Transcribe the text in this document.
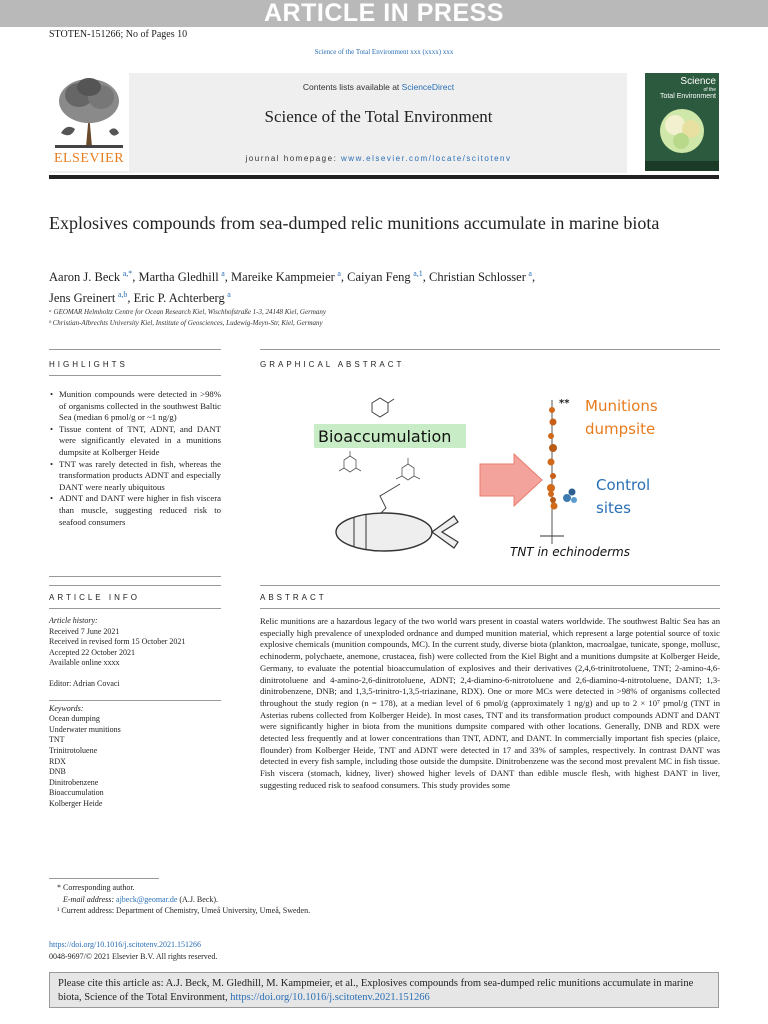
ARTICLE IN PRESS
STOTEN-151266; No of Pages 10
Science of the Total Environment xxx (xxxx) xxx
ELSEVIER
Contents lists available at ScienceDirect
Science of the Total Environment
journal homepage: www.elsevier.com/locate/scitotenv
Science
of the
Total Environment
Explosives compounds from sea-dumped relic munitions accumulate in marine biota
Aaron J. Beck  $^{a,*}$, Martha Gledhill  $^a$, Mareike Kampmeier  $^a$, Caiyan Feng  $^{a,1}$, Christian Schlosser  $^a$,
Jens Greinert  $^{a,b}$, Eric P. Achterberg  $^a$
ᵃ GEOMAR Helmholtz Centre for Ocean Research Kiel, Wischhofstraße 1-3, 24148 Kiel, Germany
ᵇ Christian-Albrechts University Kiel, Institute of Geosciences, Ludewig-Meyn-Str, Kiel, Germany
HIGHLIGHTS	GRAPHICAL ABSTRACT
• Munition compounds were detected in >98% of organisms collected in the southwest Baltic Sea (median 6 pmol/g or ~1 ng/g)
• Tissue content of TNT, ADNT, and DANT were significantly elevated in a munitions dumpsite at Kolberger Heide
• TNT was rarely detected in fish, whereas the transformation products ADNT and especially DANT were nearly ubiquitous
• ADNT and DANT were higher in fish viscera than muscle, suggesting reduced risk to seafood consumers
Bioaccumulation
** Munitions
dumpsite
Control
sites
TNT in echinoderms
ARTICLE INFO	ABSTRACT
Article history:
Received 7 June 2021
Received in revised form 15 October 2021
Accepted 22 October 2021
Available online xxxx
Editor: Adrian Covaci
Keywords:
Ocean dumping
Underwater munitions
TNT
Trinitrotoluene
RDX
DNB
Dinitrobenzene
Bioaccumulation
Kolberger Heide
Relic munitions are a hazardous legacy of the two world wars present in coastal waters worldwide. The southwest Baltic Sea has an especially high prevalence of unexploded ordnance and dumped munition material, which represent a large potential source of toxic explosive chemicals (munition compounds, MC). In the current study, diverse biota (plankton, macroalgae, tunicate, sponge, mollusc, echinoderm, polychaete, anemone, crustacea, fish) were collected from the Kiel Bight and a munitions dumpsite at Kolberger Heide, Germany, to evaluate the potential bioaccumulation of explosives and their derivatives (2,4,6-trinitrotoluene, TNT; 2-amino-4,6-dinitrotoluene and 4-amino-2,6-dinitrotoluene, ADNT; 2,4-diamino-6-nitrotoluene and 2,6-diamino-4-nitrotoluene, DANT; 1,3-dinitrobenzene, DNB; and 1,3,5-trinitro-1,3,5-triazinane, RDX). One or more MCs were detected in >98% of organisms collected throughout the study region (n = 178), at a median level of 6 pmol/g (approximately 1 ng/g) and up to 2 × 10⁷ pmol/g (TNT in Asterias rubens collected from Kolberger Heide). In most cases, TNT and its transformation product compounds ADNT and DANT were significantly higher in biota from the munitions dumpsite compared with other locations. Generally, DNB and RDX were detected less frequently and at lower concentrations than TNT, ADNT, and DANT. In commercially important fish species (plaice, flounder) from Kolberger Heide, TNT and ADNT were detected in 17 and 33% of samples, respectively. In contrast DANT was detected in every fish sample, including those outside the dumpsite. Dinitrobenzene was the second most prevalent MC in fish tissue. Fish viscera (stomach, kidney, liver) showed higher levels of DANT than edible muscle flesh, with highest DANT in liver, suggesting reduced risk to seafood consumers. This study provides some
* Corresponding author.
E-mail address: ajbeck@geomar.de (A.J. Beck).
¹ Current address: Department of Chemistry, Umeå University, Umeå, Sweden.
https://doi.org/10.1016/j.scitotenv.2021.151266
0048-9697/© 2021 Elsevier B.V. All rights reserved.
Please cite this article as: A.J. Beck, M. Gledhill, M. Kampmeier, et al., Explosives compounds from sea-dumped relic munitions accumulate in marine biota, Science of the Total Environment, https://doi.org/10.1016/j.scitotenv.2021.151266
